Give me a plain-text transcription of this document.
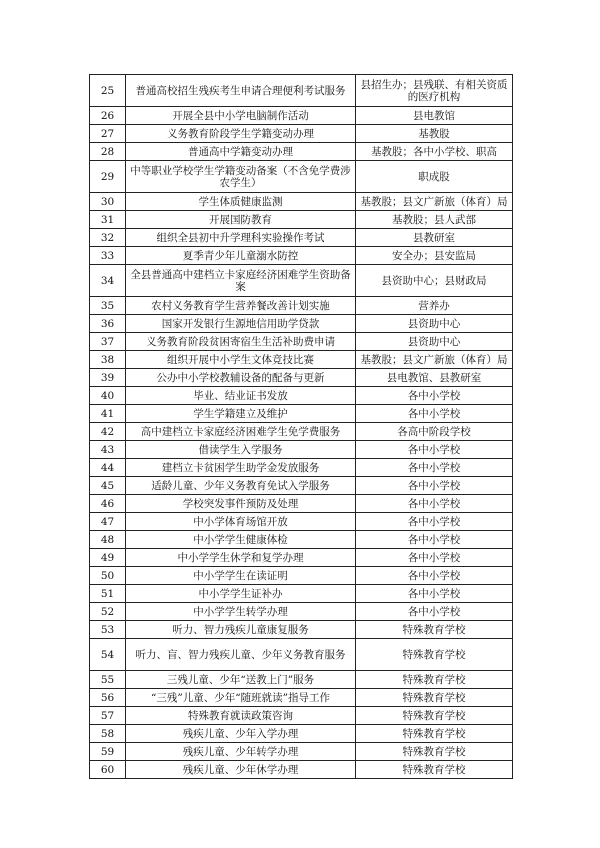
25	普通高校招生残疾考生申请合理便利考试服务	县招生办；县残联、有相关资质的医疗机构
26	开展全县中小学电脑制作活动	县电教馆
27	义务教育阶段学生学籍变动办理	基教股
28	普通高中学籍变动办理	基教股；各中小学校、职高
29	中等职业学校学生学籍变动备案（不含免学费涉农学生）	职成股
30	学生体质健康监测	基教股；县文广新旅（体育）局
31	开展国防教育	基教股；县人武部
32	组织全县初中升学理科实验操作考试	县教研室
33	夏季青少年儿童溺水防控	安全办；县安监局
34	全县普通高中建档立卡家庭经济困难学生资助备案	县资助中心；县财政局
35	农村义务教育学生营养餐改善计划实施	营养办
36	国家开发银行生源地信用助学贷款	县资助中心
37	义务教育阶段贫困寄宿生生活补助费申请	县资助中心
38	组织开展中小学生文体竞技比赛	基教股；县文广新旅（体育）局
39	公办中小学校教辅设备的配备与更新	县电教馆、县教研室
40	毕业、结业证书发放	各中小学校
41	学生学籍建立及维护	各中小学校
42	高中建档立卡家庭经济困难学生免学费服务	各高中阶段学校
43	借读学生入学服务	各中小学校
44	建档立卡贫困学生助学金发放服务	各中小学校
45	适龄儿童、少年义务教育免试入学服务	各中小学校
46	学校突发事件预防及处理	各中小学校
47	中小学体育场馆开放	各中小学校
48	中小学学生健康体检	各中小学校
49	中小学学生休学和复学办理	各中小学校
50	中小学学生在读证明	各中小学校
51	中小学学生证补办	各中小学校
52	中小学学生转学办理	各中小学校
53	听力、智力残疾儿童康复服务	特殊教育学校
54	听力、盲、智力残疾儿童、少年义务教育服务	特殊教育学校
55	三残儿童、少年“送教上门”服务	特殊教育学校
56	“三残”儿童、少年“随班就读”指导工作	特殊教育学校
57	特殊教育就读政策咨询	特殊教育学校
58	残疾儿童、少年入学办理	特殊教育学校
59	残疾儿童、少年转学办理	特殊教育学校
60	残疾儿童、少年休学办理	特殊教育学校
